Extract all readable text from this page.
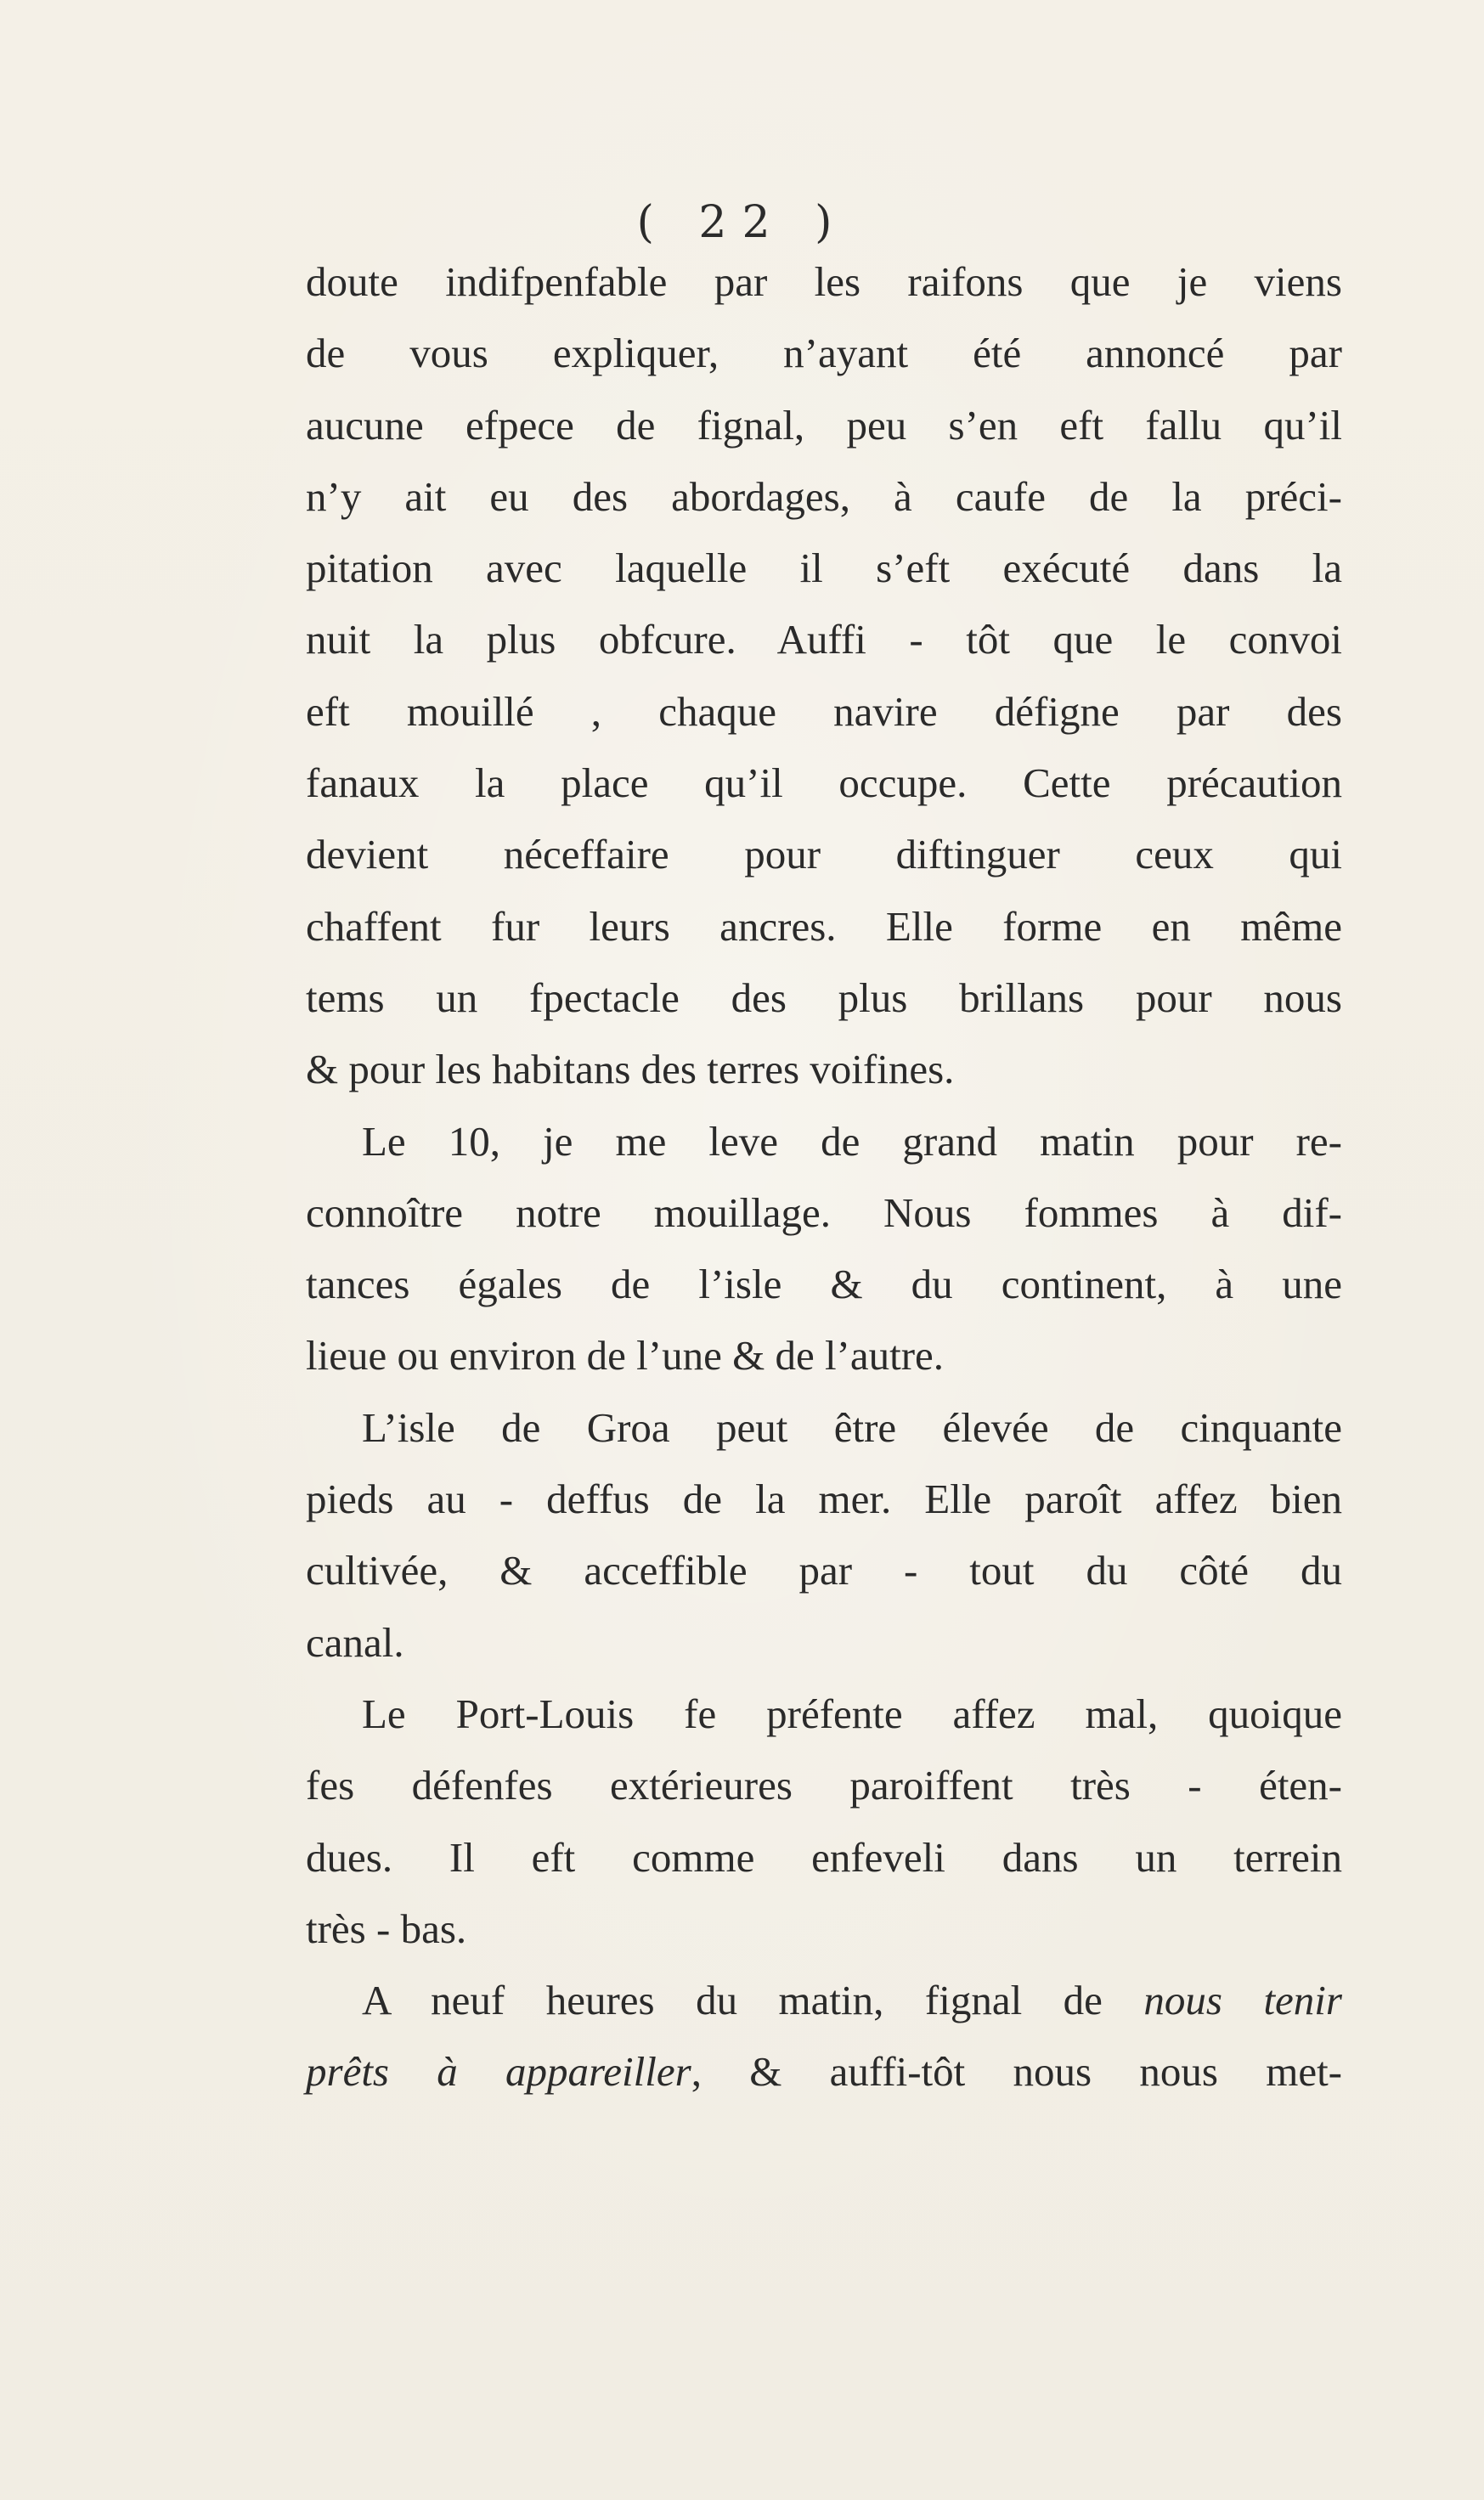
( 22 )
doute indifpenfable par les raifons que je viens
de vous expliquer, n’ayant été annoncé par
aucune efpece de fignal, peu s’en eft fallu qu’il
n’y ait eu des abordages, à caufe de la préci-
pitation avec laquelle il s’eft exécuté dans la
nuit la plus obfcure. Auffi - tôt que le convoi
eft mouillé , chaque navire défigne par des
fanaux la place qu’il occupe. Cette précaution
devient néceffaire pour diftinguer ceux qui
chaffent fur leurs ancres. Elle forme en même
tems un fpectacle des plus brillans pour nous
& pour les habitans des terres voifines.
Le 10, je me leve de grand matin pour re-
connoître notre mouillage. Nous fommes à dif-
tances égales de l’isle & du continent, à une
lieue ou environ de l’une & de l’autre.
L’isle de Groa peut être élevée de cinquante
pieds au - deffus de la mer. Elle paroît affez bien
cultivée, & acceffible par - tout du côté du
canal.
Le Port-Louis fe préfente affez mal, quoique
fes défenfes extérieures paroiffent très - éten-
dues. Il eft comme enfeveli dans un terrein
très - bas.
A neuf heures du matin, fignal de nous tenir
prêts à appareiller, & auffi-tôt nous nous met-
